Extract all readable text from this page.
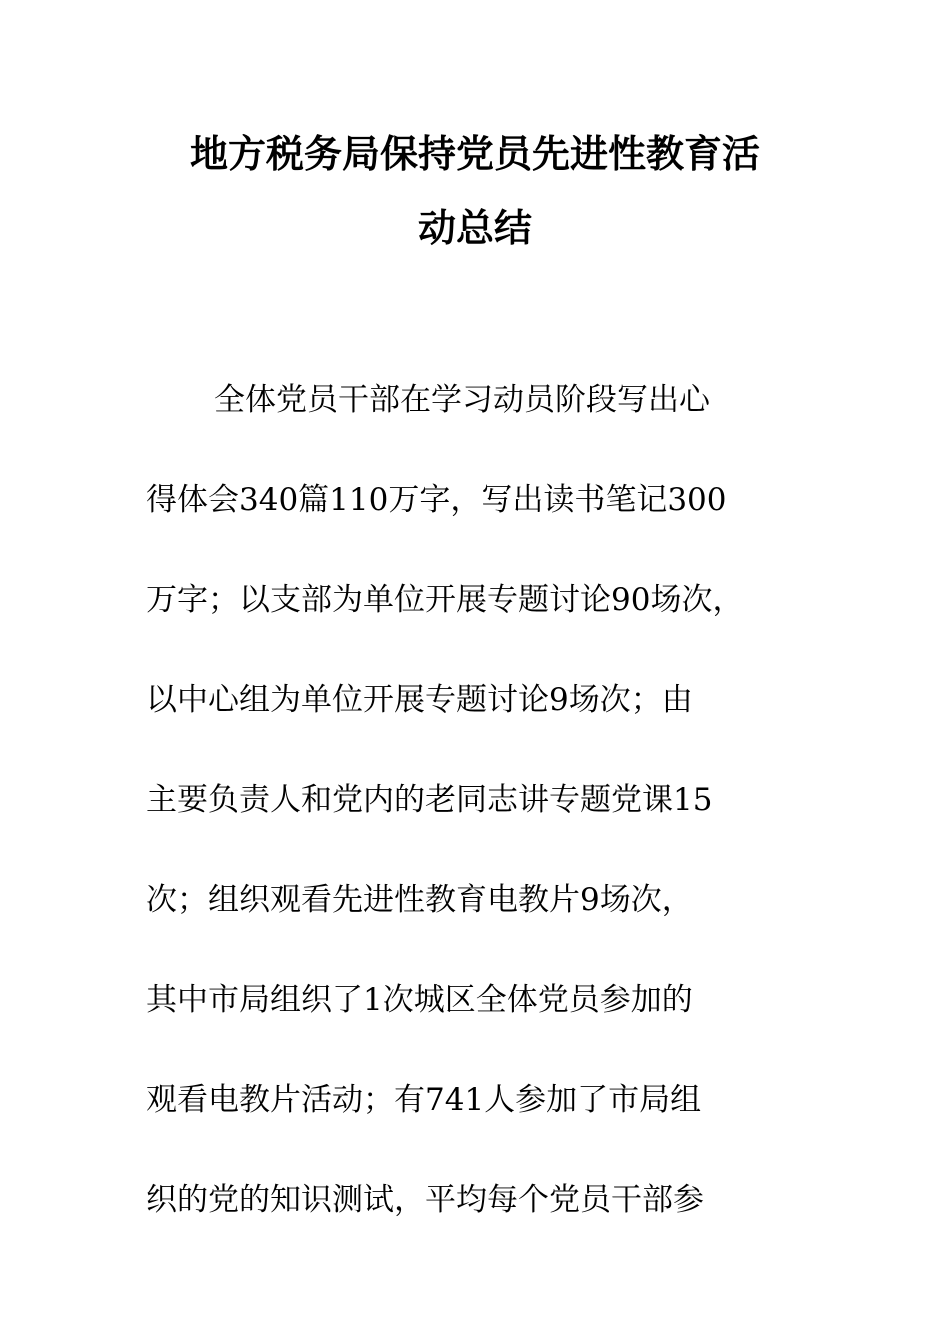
地方税务局保持党员先进性教育活
动总结
全体党员干部在学习动员阶段写出心
得体会340篇110万字，写出读书笔记300
万字；以支部为单位开展专题讨论90场次，
以中心组为单位开展专题讨论9场次；由
主要负责人和党内的老同志讲专题党课15
次；组织观看先进性教育电教片9场次，
其中市局组织了1次城区全体党员参加的
观看电教片活动；有741人参加了市局组
织的党的知识测试，平均每个党员干部参
